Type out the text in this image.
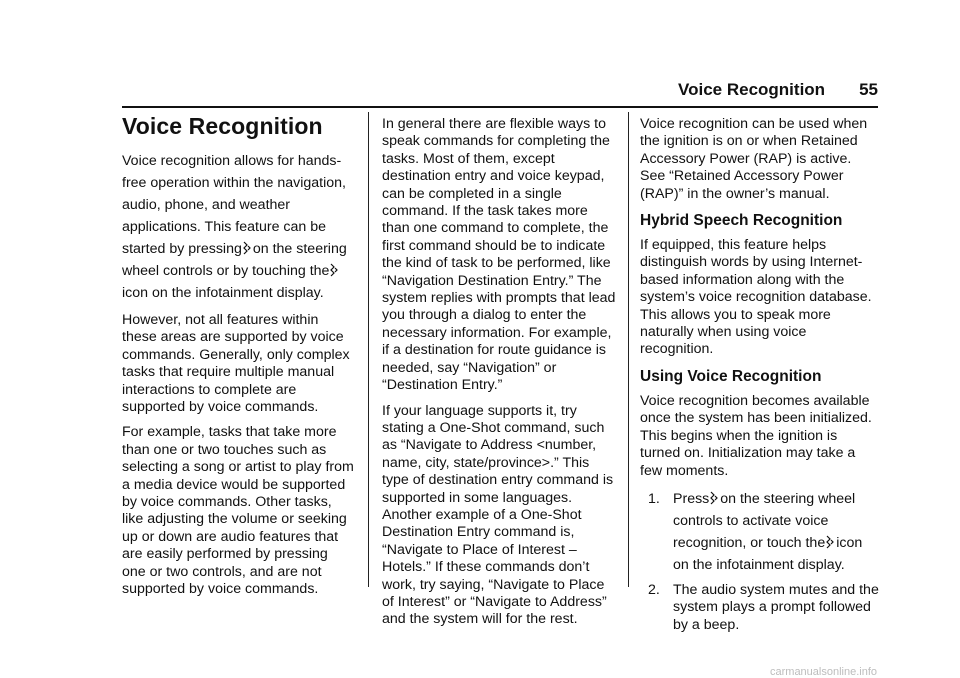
Voice Recognition 55
Voice Recognition

Voice recognition allows for hands-free operation within the navigation, audio, phone, and weather applications. This feature can be started by pressing on the steering wheel controls or by touching theicon on the infotainment display.

However, not all features within these areas are supported by voice commands. Generally, only complex tasks that require multiple manual interactions to complete are supported by voice commands.

For example, tasks that take more than one or two touches such as selecting a song or artist to play from a media device would be supported by voice commands. Other tasks, like adjusting the volume or seeking up or down are audio features that are easily performed by pressing one or two controls, and are not supported by voice commands.

In general there are flexible ways to speak commands for completing the tasks. Most of them, except destination entry and voice keypad, can be completed in a single command. If the task takes more than one command to complete, the first command should be to indicate the kind of task to be performed, like “Navigation Destination Entry.” The system replies with prompts that lead you through a dialog to enter the necessary information. For example, if a destination for route guidance is needed, say “Navigation” or “Destination Entry.”

If your language supports it, try stating a One-Shot command, such as “Navigate to Address <number, name, city, state/province>.” This type of destination entry command is supported in some languages. Another example of a One-Shot Destination Entry command is, “Navigate to Place of Interest – Hotels.” If these commands don’t work, try saying, “Navigate to Place of Interest” or “Navigate to Address” and the system will for the rest.

Voice recognition can be used when the ignition is on or when Retained Accessory Power (RAP) is active. See “Retained Accessory Power (RAP)” in the owner’s manual.

Hybrid Speech Recognition

If equipped, this feature helps distinguish words by using Internet-based information along with the system’s voice recognition database. This allows you to speak more naturally when using voice recognition.

Using Voice Recognition

Voice recognition becomes available once the system has been initialized. This begins when the ignition is turned on. Initialization may take a few moments.

1. Press on the steering wheel controls to activate voice recognition, or touch the icon on the infotainment display.
2. The audio system mutes and the system plays a prompt followed by a beep.
carmanualsonline.info
